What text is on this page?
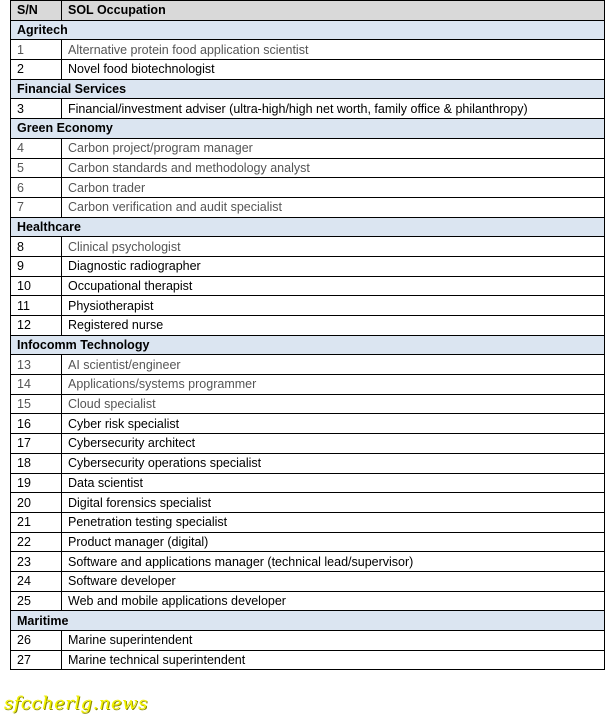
S/N	SOL Occupation
Agritech	
1	Alternative protein food application scientist
2	Novel food biotechnologist
Financial Services	
3	Financial/investment adviser (ultra-high/high net worth, family office & philanthropy)
Green Economy	
4	Carbon project/program manager
5	Carbon standards and methodology analyst
6	Carbon trader
7	Carbon verification and audit specialist
Healthcare	
8	Clinical psychologist
9	Diagnostic radiographer
10	Occupational therapist
11	Physiotherapist
12	Registered nurse
Infocomm Technology	
13	AI scientist/engineer
14	Applications/systems programmer
15	Cloud specialist
16	Cyber risk specialist
17	Cybersecurity architect
18	Cybersecurity operations specialist
19	Data scientist
20	Digital forensics specialist
21	Penetration testing specialist
22	Product manager (digital)
23	Software and applications manager (technical lead/supervisor)
24	Software developer
25	Web and mobile applications developer
Maritime	
26	Marine superintendent
27	Marine technical superintendent
sfccherlg.news
